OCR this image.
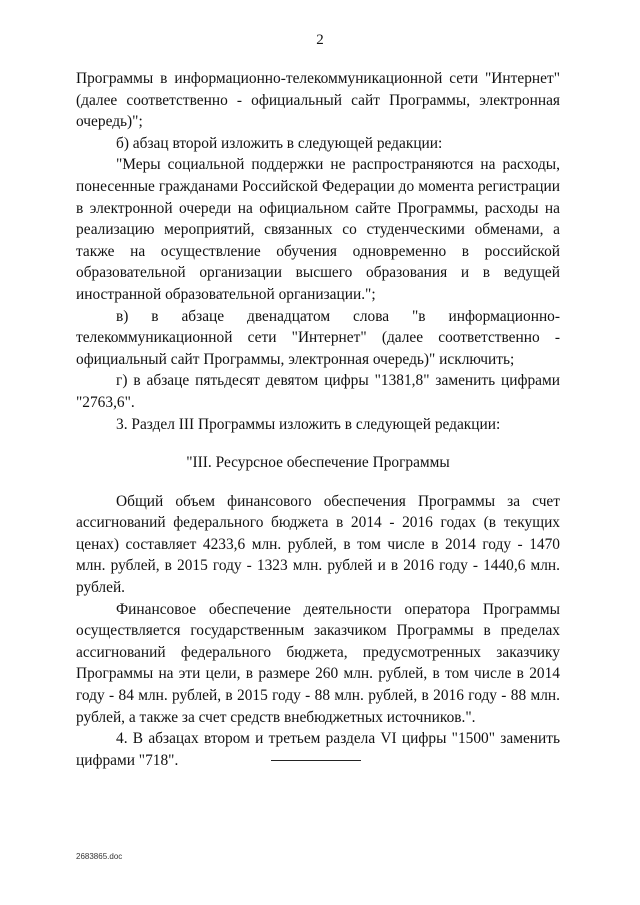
2

Программы в информационно-телекоммуникационной сети "Интернет" (далее соответственно - официальный сайт Программы, электронная очередь)";

б) абзац второй изложить в следующей редакции:

"Меры социальной поддержки не распространяются на расходы, понесенные гражданами Российской Федерации до момента регистрации в электронной очереди на официальном сайте Программы, расходы на реализацию мероприятий, связанных со студенческими обменами, а также на осуществление обучения одновременно в российской образовательной организации высшего образования и в ведущей иностранной образовательной организации.";

в) в абзаце двенадцатом слова "в информационно-телекоммуникационной сети "Интернет" (далее соответственно - официальный сайт Программы, электронная очередь)" исключить;

г) в абзаце пятьдесят девятом цифры "1381,8" заменить цифрами "2763,6".

3. Раздел III Программы изложить в следующей редакции:

"III. Ресурсное обеспечение Программы

Общий объем финансового обеспечения Программы за счет ассигнований федерального бюджета в 2014 - 2016 годах (в текущих ценах) составляет 4233,6 млн. рублей, в том числе в 2014 году - 1470 млн. рублей, в 2015 году - 1323 млн. рублей и в 2016 году - 1440,6 млн. рублей.

Финансовое обеспечение деятельности оператора Программы осуществляется государственным заказчиком Программы в пределах ассигнований федерального бюджета, предусмотренных заказчику Программы на эти цели, в размере 260 млн. рублей, в том числе в 2014 году - 84 млн. рублей, в 2015 году - 88 млн. рублей, в 2016 году - 88 млн. рублей, а также за счет средств внебюджетных источников.".

4. В абзацах втором и третьем раздела VI цифры "1500" заменить цифрами "718".

2683865.doc
